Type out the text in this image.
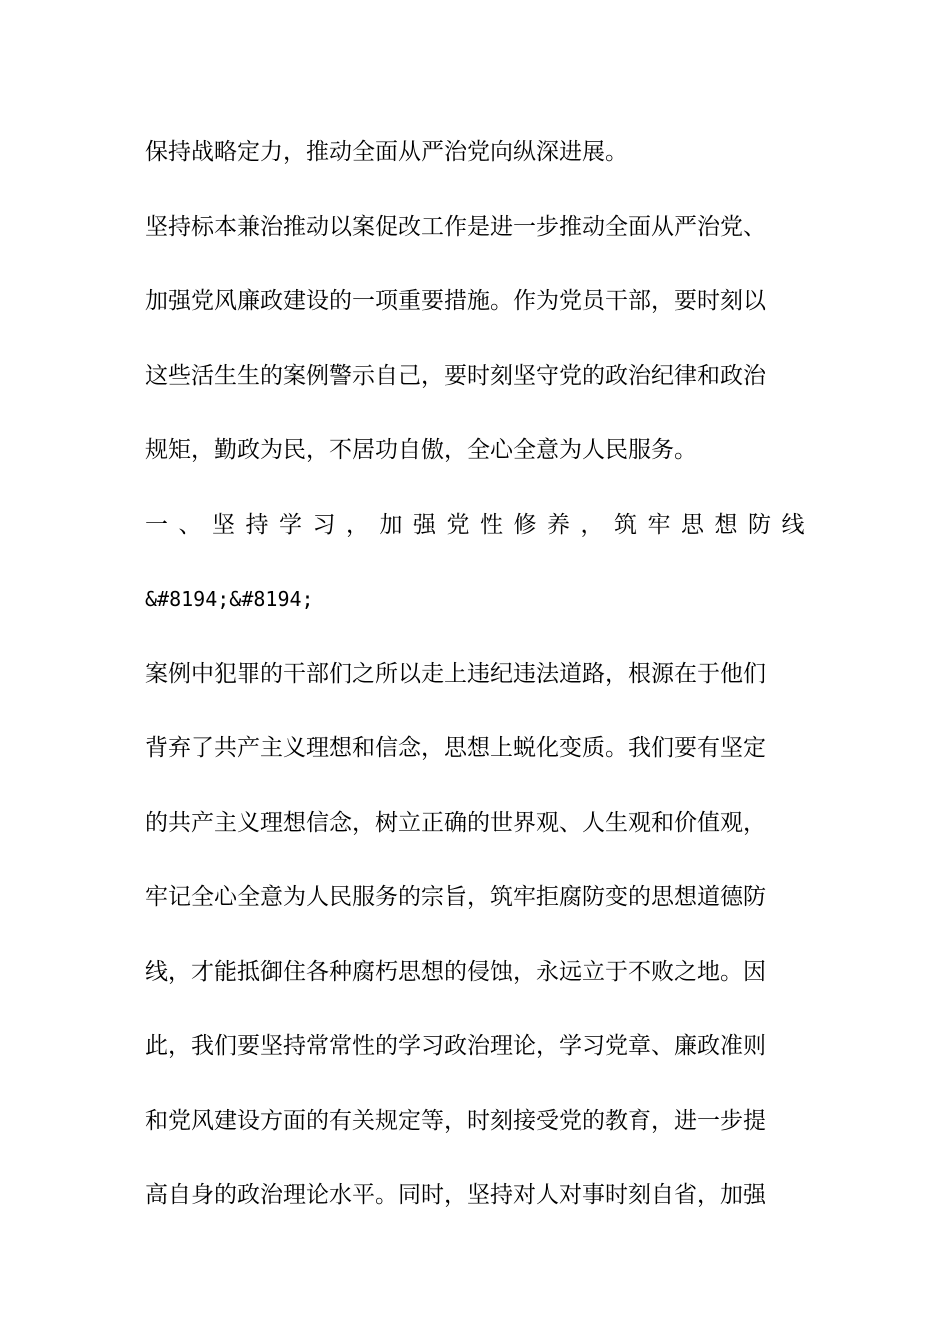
保持战略定力，推动全面从严治党向纵深进展。
坚持标本兼治推动以案促改工作是进一步推动全面从严治党、
加强党风廉政建设的一项重要措施。作为党员干部，要时刻以
这些活生生的案例警示自己，要时刻坚守党的政治纪律和政治
规矩，勤政为民，不居功自傲，全心全意为人民服务。
一、坚持学习，加强党性修养，筑牢思想防线
&#8194;&#8194;
案例中犯罪的干部们之所以走上违纪违法道路，根源在于他们
背弃了共产主义理想和信念，思想上蜕化变质。我们要有坚定
的共产主义理想信念，树立正确的世界观、人生观和价值观，
牢记全心全意为人民服务的宗旨，筑牢拒腐防变的思想道德防
线，才能抵御住各种腐朽思想的侵蚀，永远立于不败之地。因
此，我们要坚持常常性的学习政治理论，学习党章、廉政准则
和党风建设方面的有关规定等，时刻接受党的教育，进一步提
高自身的政治理论水平。同时，坚持对人对事时刻自省，加强
